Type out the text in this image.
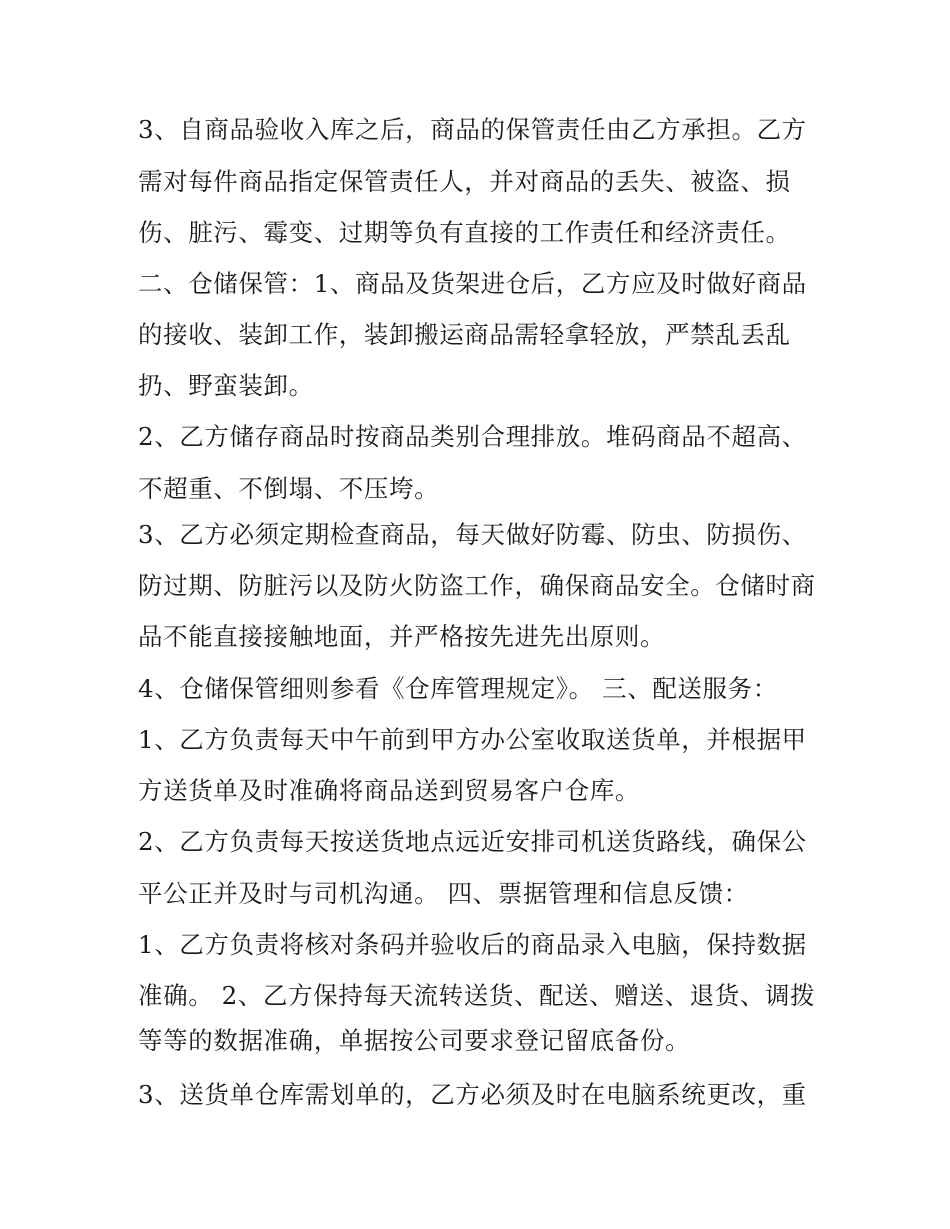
3、自商品验收入库之后，商品的保管责任由乙方承担。乙方
需对每件商品指定保管责任人，并对商品的丢失、被盗、损
伤、脏污、霉变、过期等负有直接的工作责任和经济责任。
二、仓储保管：1、商品及货架进仓后，乙方应及时做好商品
的接收、装卸工作，装卸搬运商品需轻拿轻放，严禁乱丢乱
扔、野蛮装卸。
2、乙方储存商品时按商品类别合理排放。堆码商品不超高、
不超重、不倒塌、不压垮。
3、乙方必须定期检查商品，每天做好防霉、防虫、防损伤、
防过期、防脏污以及防火防盗工作，确保商品安全。仓储时商
品不能直接接触地面，并严格按先进先出原则。
4、仓储保管细则参看《仓库管理规定》。 三、配送服务：
1、乙方负责每天中午前到甲方办公室收取送货单，并根据甲
方送货单及时准确将商品送到贸易客户仓库。
2、乙方负责每天按送货地点远近安排司机送货路线，确保公
平公正并及时与司机沟通。 四、票据管理和信息反馈：
1、乙方负责将核对条码并验收后的商品录入电脑，保持数据
准确。 2、乙方保持每天流转送货、配送、赠送、退货、调拨
等等的数据准确，单据按公司要求登记留底备份。
3、送货单仓库需划单的，乙方必须及时在电脑系统更改，重
